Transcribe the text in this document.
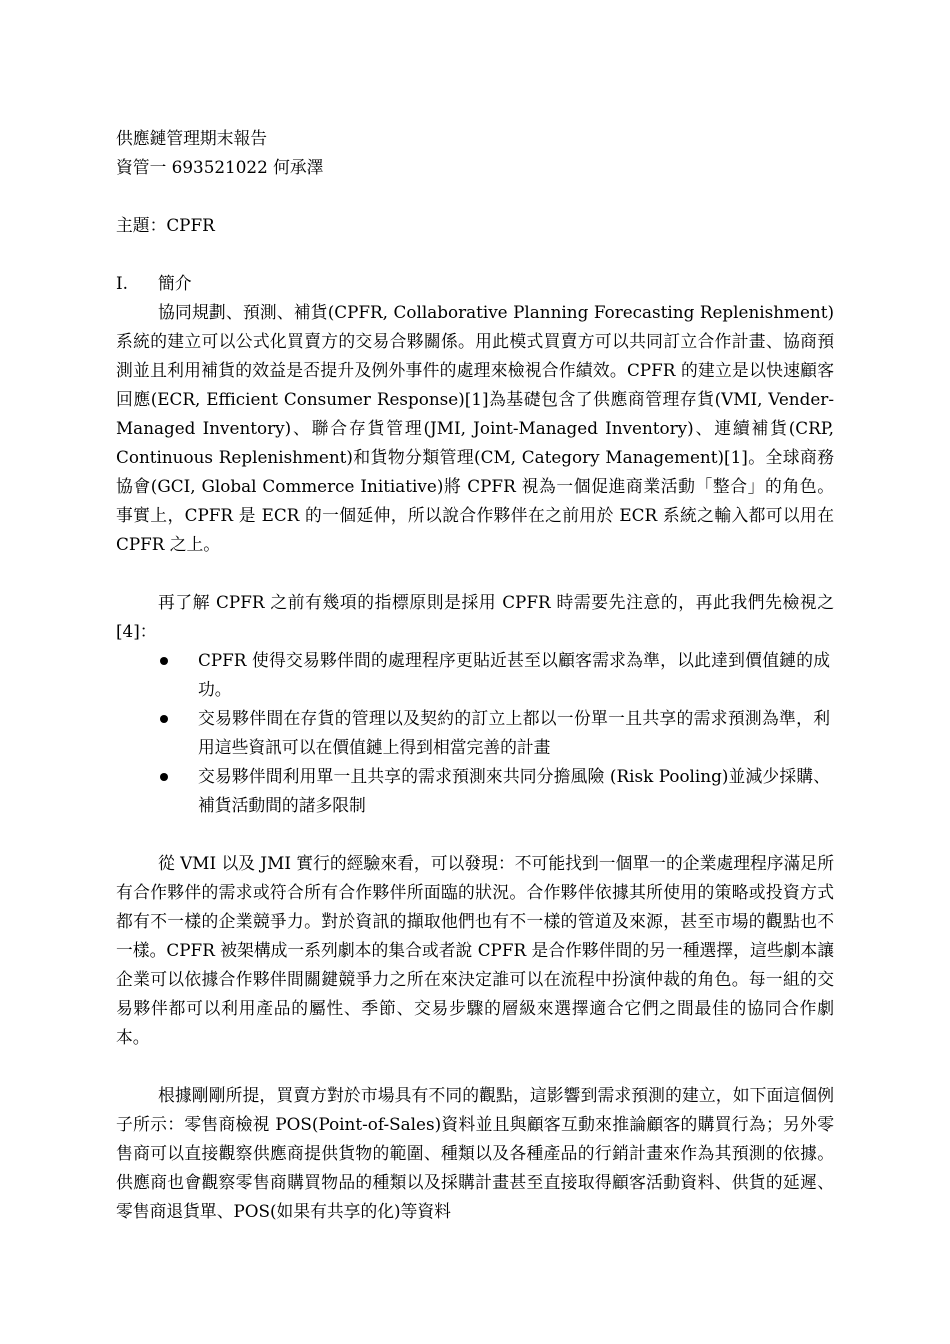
供應鏈管理期末報告

資管一 693521022 何承澤

主題：CPFR

I.	簡介

協同規劃、預測、補貨(CPFR, Collaborative Planning Forecasting Replenishment)系統的建立可以公式化買賣方的交易合夥關係。用此模式買賣方可以共同訂立合作計畫、協商預測並且利用補貨的效益是否提升及例外事件的處理來檢視合作績效。CPFR 的建立是以快速顧客回應(ECR, Efficient Consumer Response)[1]為基礎包含了供應商管理存貨(VMI, Vender-Managed Inventory)、聯合存貨管理(JMI, Joint-Managed Inventory)、連續補貨(CRP, Continuous Replenishment)和貨物分類管理(CM, Category Management)[1]。全球商務協會(GCI, Global Commerce Initiative)將 CPFR 視為一個促進商業活動「整合」的角色。事實上，CPFR 是 ECR 的一個延伸，所以說合作夥伴在之前用於 ECR 系統之輸入都可以用在 CPFR 之上。

再了解 CPFR 之前有幾項的指標原則是採用 CPFR 時需要先注意的，再此我們先檢視之[4]：

CPFR 使得交易夥伴間的處理程序更貼近甚至以顧客需求為準，以此達到價值鏈的成功。
交易夥伴間在存貨的管理以及契約的訂立上都以一份單一且共享的需求預測為準，利用這些資訊可以在價值鏈上得到相當完善的計畫
交易夥伴間利用單一且共享的需求預測來共同分擔風險 (Risk Pooling)並減少採購、補貨活動間的諸多限制

從 VMI 以及 JMI 實行的經驗來看，可以發現：不可能找到一個單一的企業處理程序滿足所有合作夥伴的需求或符合所有合作夥伴所面臨的狀況。合作夥伴依據其所使用的策略或投資方式都有不一樣的企業競爭力。對於資訊的擷取他們也有不一樣的管道及來源，甚至市場的觀點也不一樣。CPFR 被架構成一系列劇本的集合或者說 CPFR 是合作夥伴間的另一種選擇，這些劇本讓企業可以依據合作夥伴間關鍵競爭力之所在來決定誰可以在流程中扮演仲裁的角色。每一組的交易夥伴都可以利用產品的屬性、季節、交易步驟的層級來選擇適合它們之間最佳的協同合作劇本。

根據剛剛所提，買賣方對於市場具有不同的觀點，這影響到需求預測的建立，如下面這個例子所示：零售商檢視 POS(Point-of-Sales)資料並且與顧客互動來推論顧客的購買行為；另外零售商可以直接觀察供應商提供貨物的範圍、種類以及各種產品的行銷計畫來作為其預測的依據。供應商也會觀察零售商購買物品的種類以及採購計畫甚至直接取得顧客活動資料、供貨的延遲、零售商退貨單、POS(如果有共享的化)等資料
